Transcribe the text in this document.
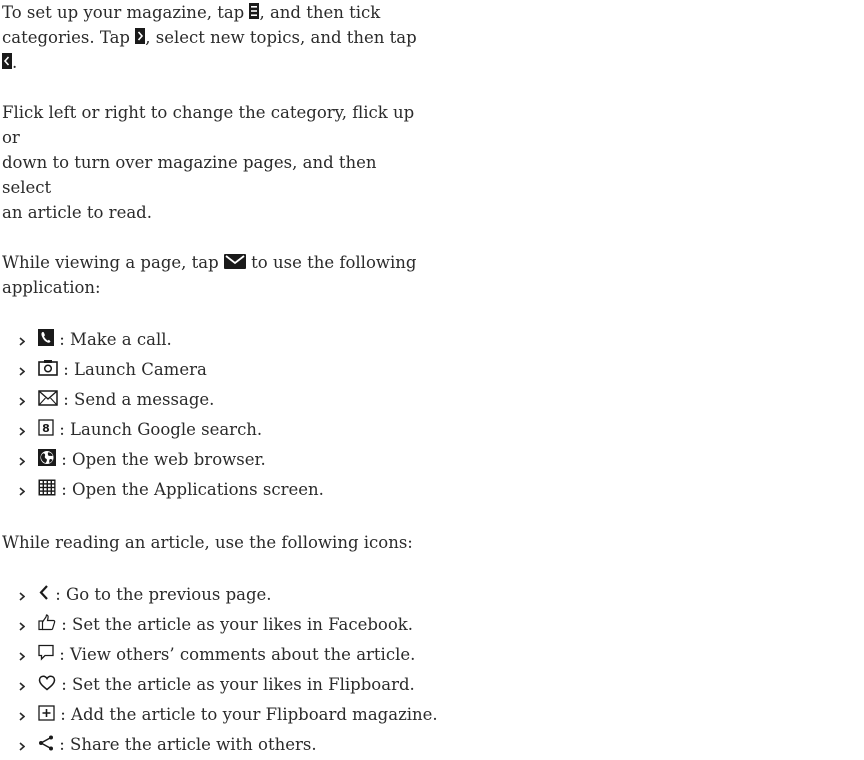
To set up your magazine, tap
, and then tick
categories. Tap
, select new topics, and then tap
.

Flick left or right to change the category, flick up or
down to turn over magazine pages, and then select
an article to read.

While viewing a page, tap
to use the following
application:

: Make a call.
: Launch Camera
: Send a message.
8 : Launch Google search.
: Open the web browser.
: Open the Applications screen.

While reading an article, use the following icons:

: Go to the previous page.
: Set the article as your likes in Facebook.
: View others’ comments about the article.
: Set the article as your likes in Flipboard.
: Add the article to your Flipboard magazine.
: Share the article with others.
